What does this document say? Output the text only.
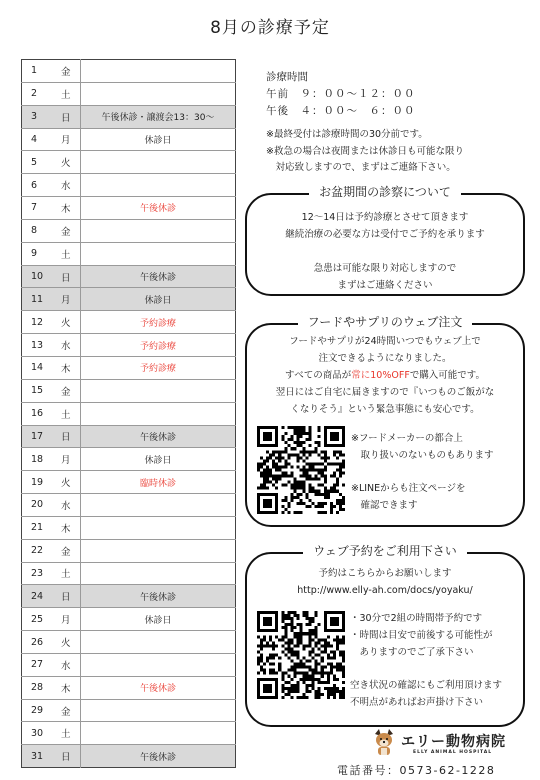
8月の診療予定
1	金	
2	土	
3	日	午後休診・譲渡会13：30〜
4	月	休診日
5	火	
6	水	
7	木	午後休診
8	金	
9	土	
10	日	午後休診
11	月	休診日
12	火	予約診療
13	水	予約診療
14	木	予約診療
15	金	
16	土	
17	日	午後休診
18	月	休診日
19	火	臨時休診
20	水	
21	木	
22	金	
23	土	
24	日	午後休診
25	月	休診日
26	火	
27	水	
28	木	午後休診
29	金	
30	土	
31	日	午後休診
診療時間
午前　９：００〜１２：００
午後　４：００〜　６：００
※最終受付は診療時間の30分前です。
※救急の場合は夜間または休診日も可能な限り
　対応致しますので、まずはご連絡下さい。
お盆期間の診察について
12〜14日は予約診療とさせて頂きます
継続治療の必要な方は受付でご予約を承ります
急患は可能な限り対応しますので
まずはご連絡ください
フードやサプリのウェブ注文
フードやサプリが24時間いつでもウェブ上で
注文できるようになりました。
すべての商品が常に10%OFFで購入可能です。
翌日にはご自宅に届きますので『いつものご飯がな
くなりそう』という緊急事態にも安心です。
※フードメーカーの都合上
　取り扱いのないものもあります
※LINEからも注文ページを
　確認できます
ウェブ予約をご利用下さい
予約はこちらからお願いします
http://www.elly-ah.com/docs/yoyaku/
・30分で2組の時間帯予約です
・時間は目安で前後する可能性が
　ありますのでご了承下さい
空き状況の確認にもご利用頂けます
不明点があればお声掛け下さい
エリー動物病院
ELLY ANIMAL HOSPITAL
電話番号：0573-62-1228
